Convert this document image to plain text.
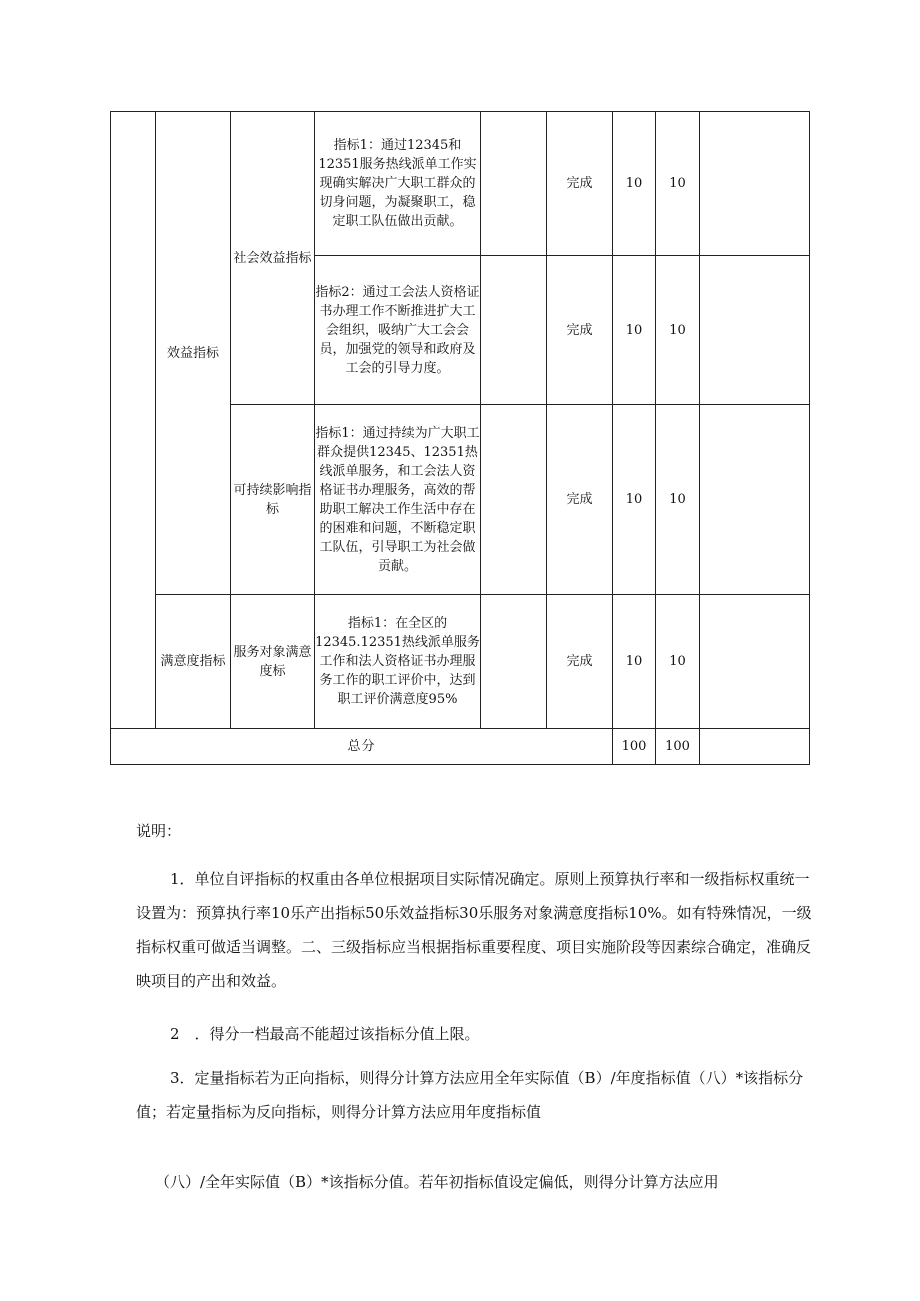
	效益指标	社会效益指标	指标1：通过12345和12351服务热线派单工作实现确实解决广大职工群众的切身问题，为凝聚职工，稳定职工队伍做出贡献。		完成	10	10	
			指标2：通过工会法人资格证书办理工作不断推进扩大工会组织，吸纳广大工会会员，加强党的领导和政府及工会的引导力度。		完成	10	10	
		可持续影响指标	指标1：通过持续为广大职工群众提供12345、12351热线派单服务，和工会法人资格证书办理服务，高效的帮助职工解决工作生活中存在的困难和问题，不断稳定职工队伍，引导职工为社会做贡献。		完成	10	10	
	满意度指标	服务对象满意度标	指标1：在全区的12345.12351热线派单服务工作和法人资格证书办理服务工作的职工评价中，达到职工评价满意度95%		完成	10	10	
总分						100	100	
说明：

1．单位自评指标的权重由各单位根据项目实际情况确定。原则上预算执行率和一级指标权重统一设置为：预算执行率10乐产出指标50乐效益指标30乐服务对象满意度指标10%。如有特殊情况，一级指标权重可做适当调整。二、三级指标应当根据指标重要程度、项目实施阶段等因素综合确定，准确反映项目的产出和效益。

2　．得分一档最高不能超过该指标分值上限。

3．定量指标若为正向指标，则得分计算方法应用全年实际值（B）/年度指标值（八）*该指标分值；若定量指标为反向指标，则得分计算方法应用年度指标值

（八）/全年实际值（B）*该指标分值。若年初指标值设定偏低，则得分计算方法应用
